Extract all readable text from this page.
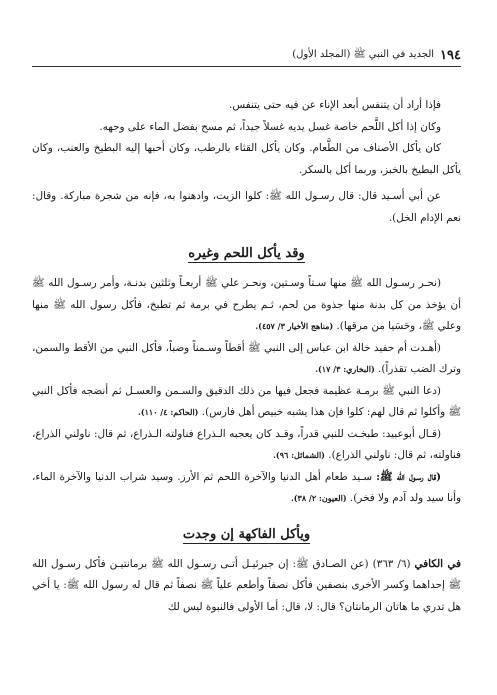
١٩٤
الجديد في النبي ﷺ (المجلد الأول)

فإذا أراد أن يتنفس أبعد الإناء عن فيه حتى يتنفس.

وكان إذا أكل اللَّحم خاصة غسل يديه غسلاً جيداً، ثم مسح بفضل الماء على وجهه.

كان يأكل الأصناف من الطَّعام. وكان يأكل القثاء بالرطب، وكان أحبها إليه البطيخ والعنب، وكان يأكل البطيخ بالخبز، وربما أكل بالسكر.

عن أبي أسـيد قال: قال رسـول الله ﷺ: كلوا الزيت، وادهنوا به، فإنه من شجرة مباركة. وقال: نعم الإدام الخل).

وقد يأكل اللحم وغيره

(نحـر رسـول الله ﷺ منها سـتاً وسـتين، ونحـر علي ﷺ أربعـاً وثلثين بدنـة، وأمر رسـول الله ﷺ أن يؤخذ من كل بدنة منها جذوة من لحم، ثـم يطرح في برمة ثم تطبخ، فأكل رسول الله ﷺ منها وعلي ﷺ، وحَسَيا من مرقها). (مناهج الأخيار ٣/ ٤٥٧).

(أهـدت أم حفيد خالة ابن عباس إلى النبي ﷺ أقطاً وسـمناً وضباً، فأكل النبي من الأقط والسمن، وترك الضب تقذراً). (البخاري: ٣/ ١٧).

(دعا النبي ﷺ برمـة عظيمة فجعل فيها من ذلك الدقيق والسـمن والعسـل ثم أنضجه فأكل النبي ﷺ وأكلوا ثم قال لهم: كلوا فإن هذا يشبه خبيص أهل فارس). (الحاكم: ٤/ ١١٠).

(قـال أبوعبيد: طبخـت للنبي قدراً، وقـد كان يعجبه الـذراع فناولته الـذراع، ثم قال: ناولني الذراع، فناولته، ثم قال: ناولني الذراع). (الشمائل: ٩٦).

(قال رسـول الله ﷺ: سـيد طعام أهل الدنيا والآخرة اللحم ثم الأرز. وسيد شراب الدنيا والآخرة الماء، وأنا سيد ولد آدم ولا فخر). (العيون: ٢/ ٣٨).

ويأكل الفاكهة إن وجدت

في الكافي (٦/ ٣٦٣) (عن الصـادق ﷺ: إن جبرئيـل أتـى رسـول الله ﷺ برمانتيـن فأكل رسـول الله ﷺ إحداهما وكسر الأخرى بنصفين فأكل نصفاً وأطعم علياً ﷺ نصفاً ثم قال له رسول الله ﷺ: يا أخي هل تدري ما هاتان الرمانتان؟ قال: لا، قال: أما الأولى فالنبوة ليس لك
